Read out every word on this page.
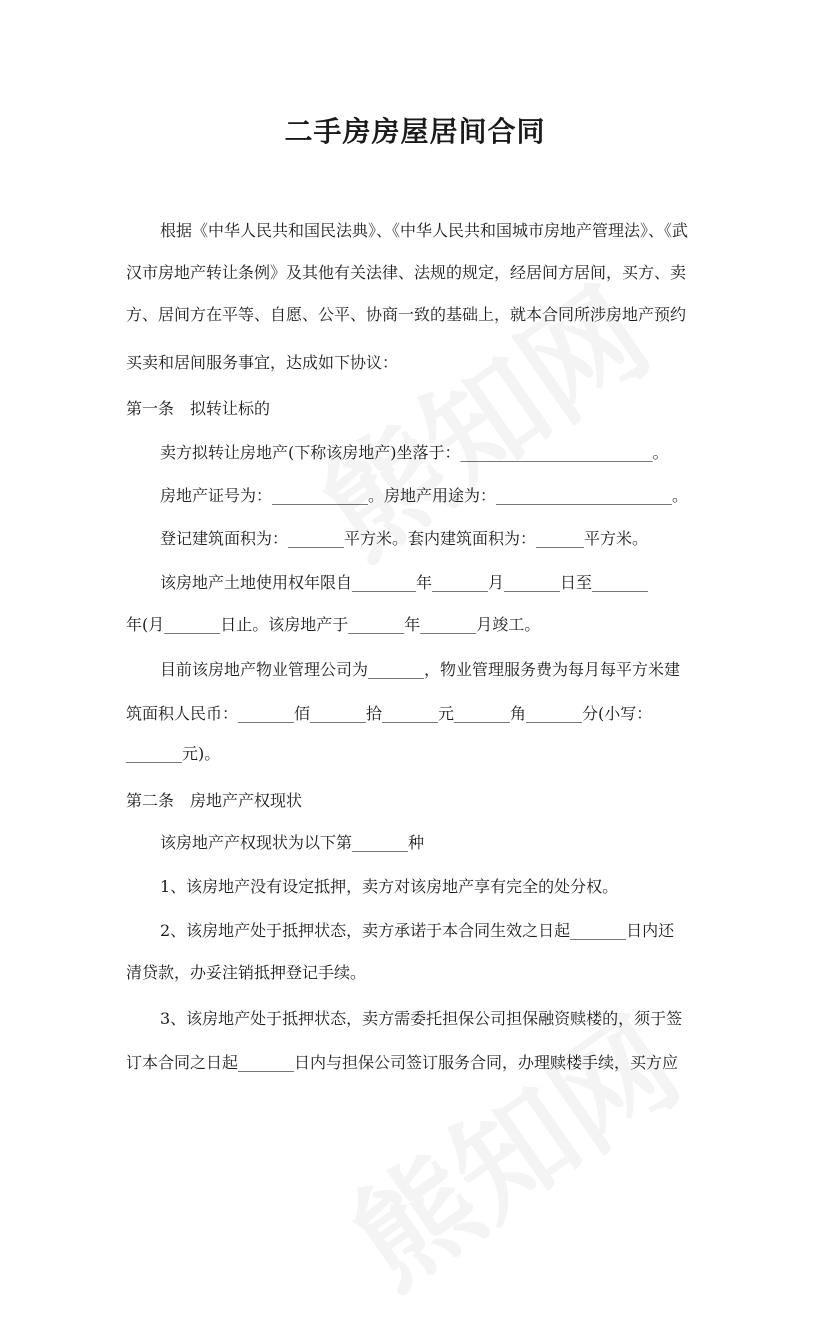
二手房房屋居间合同
根据《中华人民共和国民法典》、《中华人民共和国城市房地产管理法》、《武
汉市房地产转让条例》及其他有关法律、法规的规定，经居间方居间，买方、卖
方、居间方在平等、自愿、公平、协商一致的基础上，就本合同所涉房地产预约
买卖和居间服务事宜，达成如下协议：
第一条　拟转让标的
卖方拟转让房地产(下称该房地产)坐落于：________________________。
房地产证号为：____________。房地产用途为：______________________。
登记建筑面积为：_______平方米。套内建筑面积为：______平方米。
该房地产土地使用权年限自________年_______月_______日至_______
年(月_______日止。该房地产于_______年_______月竣工。
目前该房地产物业管理公司为_______，物业管理服务费为每月每平方米建
筑面积人民币：_______佰_______拾_______元_______角_______分(小写：
_______元)。
第二条　房地产产权现状
该房地产产权现状为以下第_______种
1、该房地产没有设定抵押，卖方对该房地产享有完全的处分权。
2、该房地产处于抵押状态，卖方承诺于本合同生效之日起_______日内还
清贷款，办妥注销抵押登记手续。
3、该房地产处于抵押状态，卖方需委托担保公司担保融资赎楼的，须于签
订本合同之日起_______日内与担保公司签订服务合同，办理赎楼手续，买方应
